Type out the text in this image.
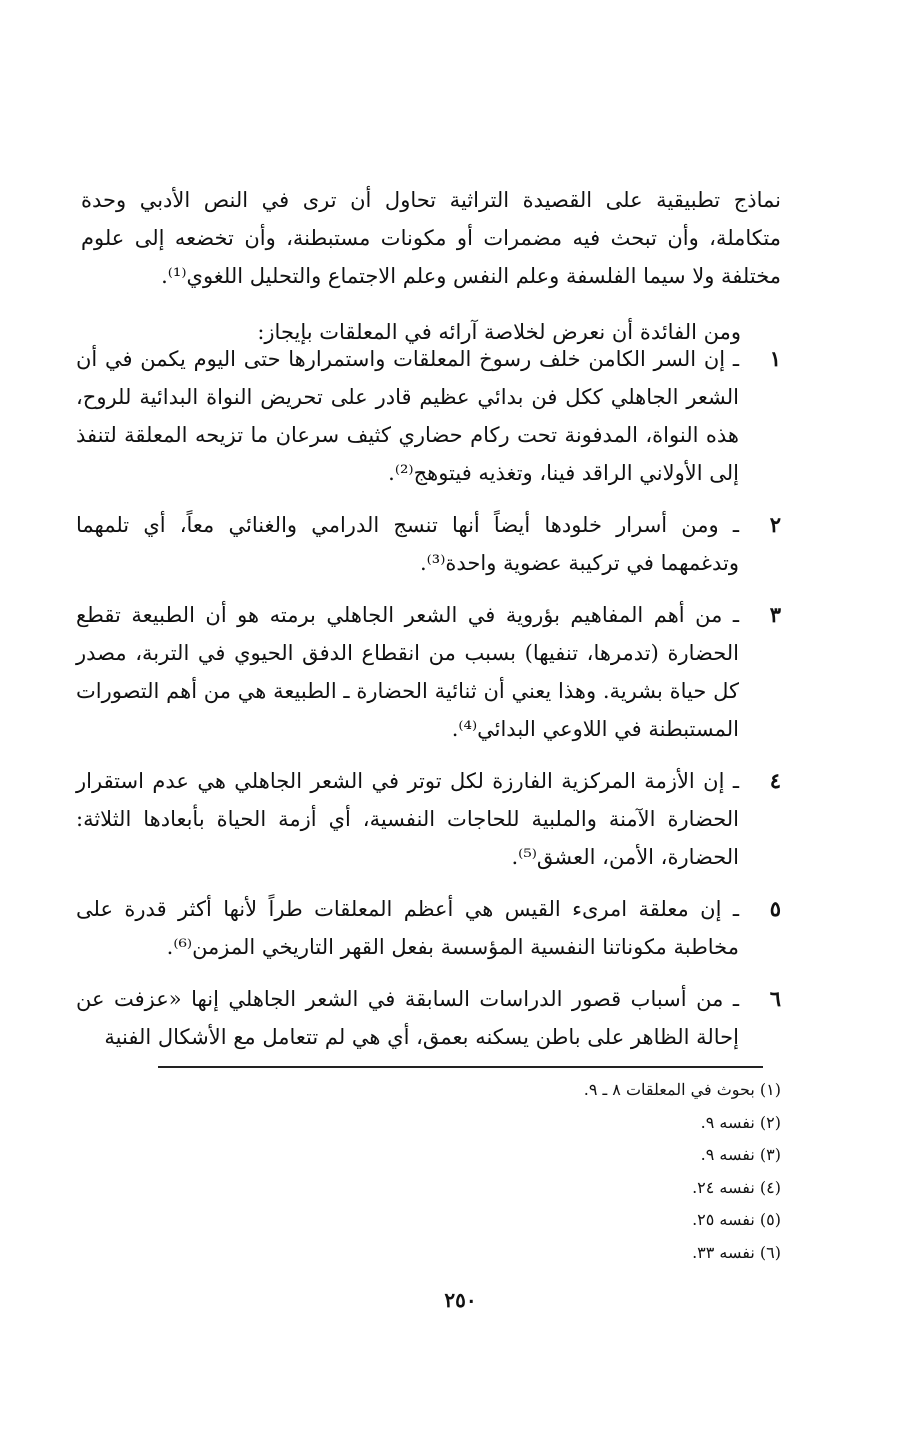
نماذج تطبيقية على القصيدة التراثية تحاول أن ترى في النص الأدبي وحدة متكاملة، وأن تبحث فيه مضمرات أو مكونات مستبطنة، وأن تخضعه إلى علوم مختلفة ولا سيما الفلسفة وعلم النفس وعلم الاجتماع والتحليل اللغوي⁽¹⁾.

ومن الفائدة أن نعرض لخلاصة آرائه في المعلقات بإيجاز:

١
ـ إن السر الكامن خلف رسوخ المعلقات واستمرارها حتى اليوم يكمن في أن الشعر الجاهلي ككل فن بدائي عظيم قادر على تحريض النواة البدائية للروح، هذه النواة، المدفونة تحت ركام حضاري كثيف سرعان ما تزيحه المعلقة لتنفذ إلى الأولاني الراقد فينا، وتغذيه فيتوهج⁽²⁾.
٢
ـ ومن أسرار خلودها أيضاً أنها تنسج الدرامي والغنائي معاً، أي تلمهما وتدغمهما في تركيبة عضوية واحدة⁽³⁾.
٣
ـ من أهم المفاهيم بؤروية في الشعر الجاهلي برمته هو أن الطبيعة تقطع الحضارة (تدمرها، تنفيها) بسبب من انقطاع الدفق الحيوي في التربة، مصدر كل حياة بشرية. وهذا يعني أن ثنائية الحضارة ـ الطبيعة هي من أهم التصورات المستبطنة في اللاوعي البدائي⁽⁴⁾.
٤
ـ إن الأزمة المركزية الفارزة لكل توتر في الشعر الجاهلي هي عدم استقرار الحضارة الآمنة والملبية للحاجات النفسية، أي أزمة الحياة بأبعادها الثلاثة: الحضارة، الأمن، العشق⁽⁵⁾.
٥
ـ إن معلقة امرىء القيس هي أعظم المعلقات طراً لأنها أكثر قدرة على مخاطبة مكوناتنا النفسية المؤسسة بفعل القهر التاريخي المزمن⁽⁶⁾.
٦
ـ من أسباب قصور الدراسات السابقة في الشعر الجاهلي إنها «عزفت عن إحالة الظاهر على باطن يسكنه بعمق، أي هي لم تتعامل مع الأشكال الفنية
(١) بحوث في المعلقات ٨ ـ ٩.
(٢) نفسه ٩.
(٣) نفسه ٩.
(٤) نفسه ٢٤.
(٥) نفسه ٢٥.
(٦) نفسه ٣٣.
٢٥٠
